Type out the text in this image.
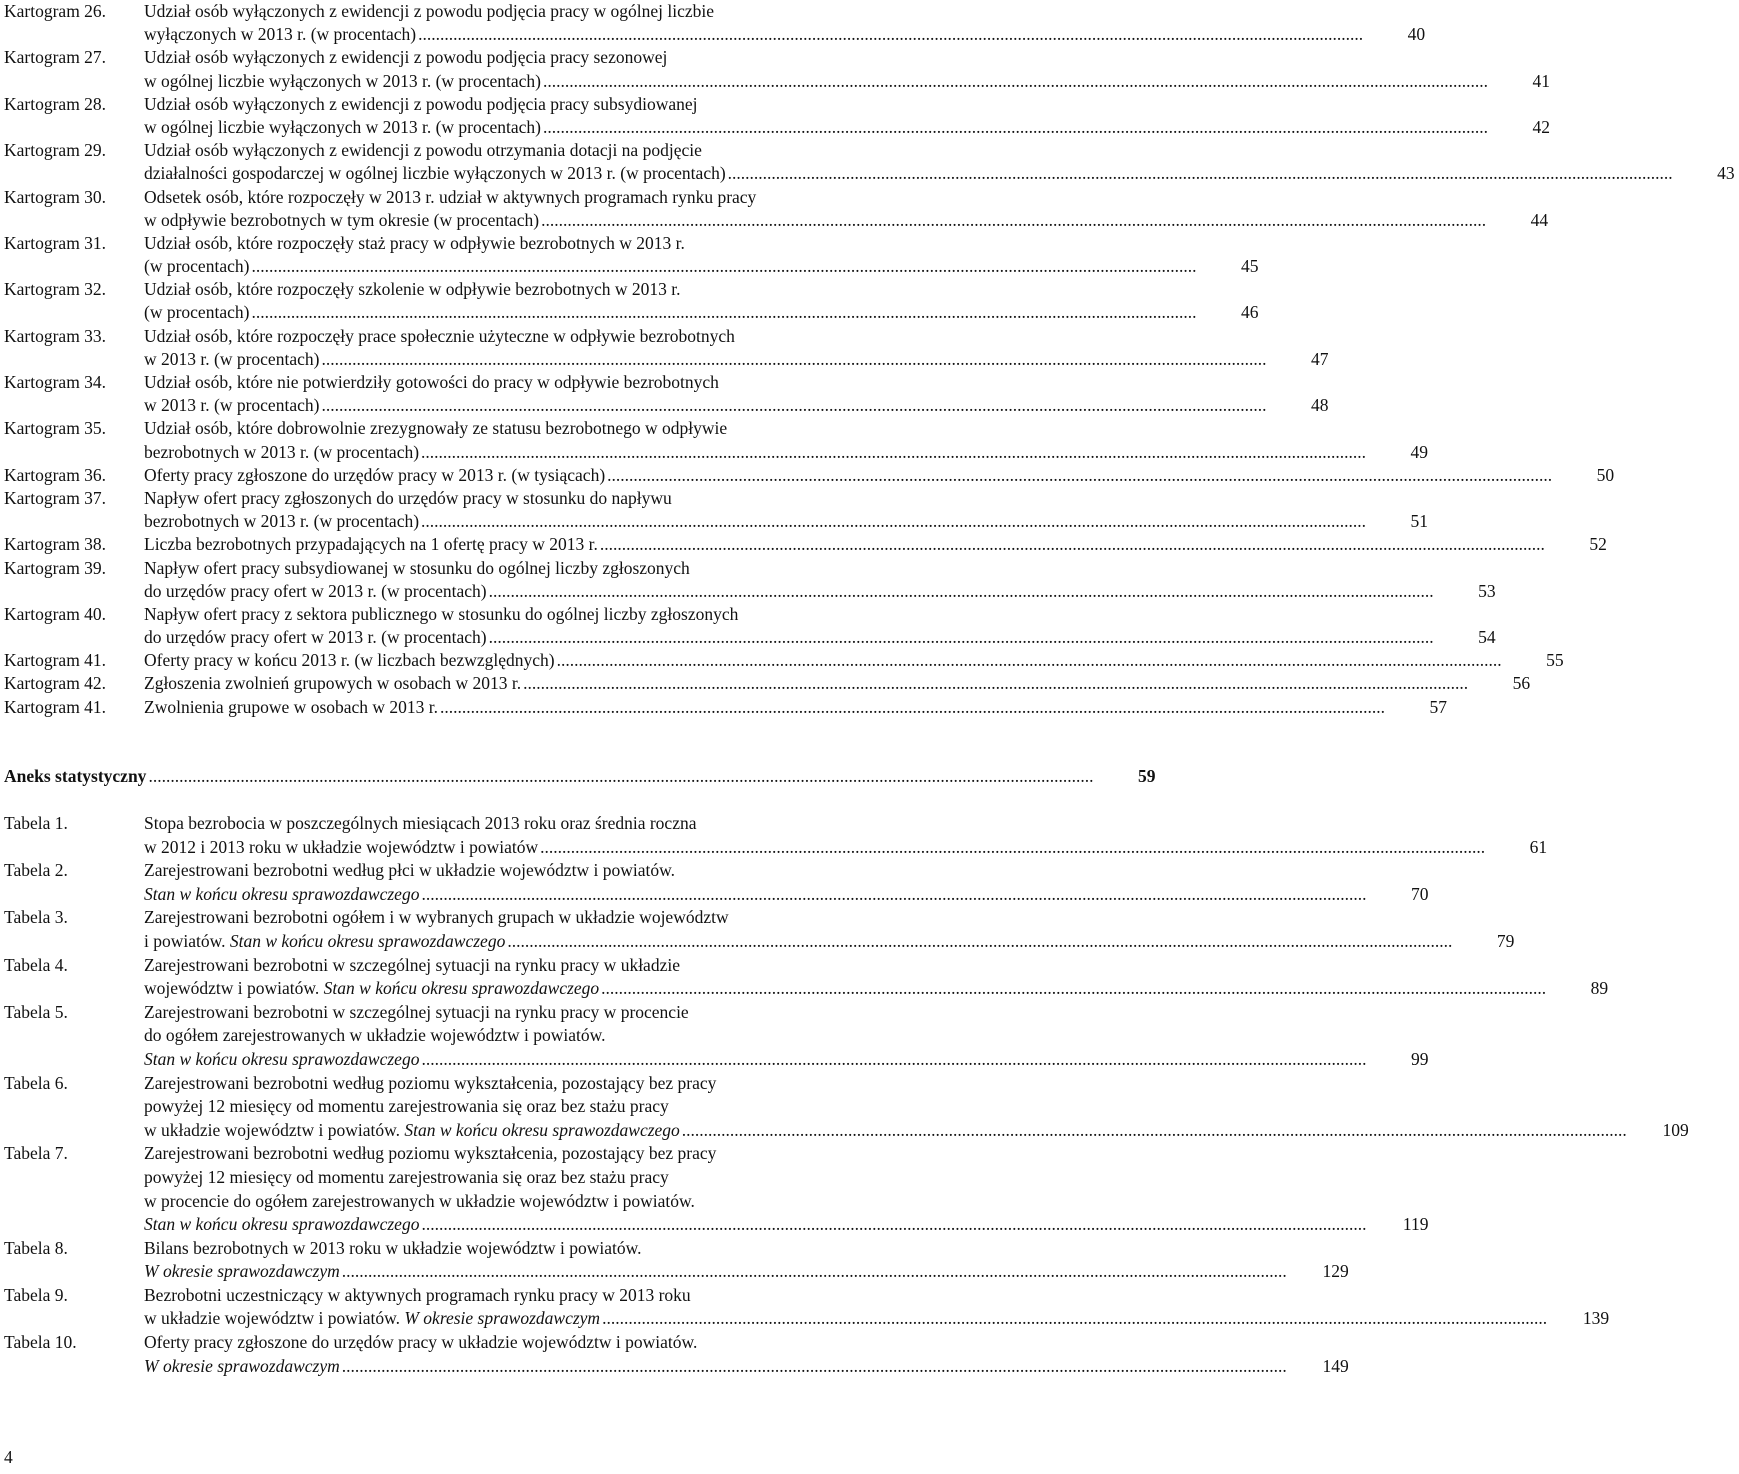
Kartogram 26.	Udział osób wyłączonych z ewidencji z powodu podjęcia pracy w ogólnej liczbie
wyłączonych w 2013 r. (w procentach) .....	40
Kartogram 27.	Udział osób wyłączonych z ewidencji z powodu podjęcia pracy sezonowej
w ogólnej liczbie wyłączonych w 2013 r. (w procentach) .....	41
Kartogram 28.	Udział osób wyłączonych z ewidencji z powodu podjęcia pracy subsydiowanej
w ogólnej liczbie wyłączonych w 2013 r. (w procentach) .....	42
Kartogram 29.	Udział osób wyłączonych z ewidencji z powodu otrzymania dotacji na podjęcie
działalności gospodarczej w ogólnej liczbie wyłączonych w 2013 r. (w procentach) .....	43
Kartogram 30.	Odsetek osób, które rozpoczęły w 2013 r. udział w aktywnych programach rynku pracy
w odpływie bezrobotnych w tym okresie (w procentach) .....	44
Kartogram 31.	Udział osób, które rozpoczęły staż pracy w odpływie bezrobotnych w 2013 r.
(w procentach) .....	45
Kartogram 32.	Udział osób, które rozpoczęły szkolenie w odpływie bezrobotnych w 2013 r.
(w procentach) .....	46
Kartogram 33.	Udział osób, które rozpoczęły prace społecznie użyteczne w odpływie bezrobotnych
w 2013 r. (w procentach) .....	47
Kartogram 34.	Udział osób, które nie potwierdziły gotowości do pracy w odpływie bezrobotnych
w 2013 r. (w procentach) .....	48
Kartogram 35.	Udział osób, które dobrowolnie zrezygnowały ze statusu bezrobotnego w odpływie
bezrobotnych w 2013 r. (w procentach) .....	49
Kartogram 36.	Oferty pracy zgłoszone do urzędów pracy w 2013 r. (w tysiącach) .....	50
Kartogram 37.	Napływ ofert pracy zgłoszonych do urzędów pracy w stosunku do napływu
bezrobotnych w 2013 r. (w procentach) .....	51
Kartogram 38.	Liczba bezrobotnych przypadających na 1 ofertę pracy w 2013 r. .....	52
Kartogram 39.	Napływ ofert pracy subsydiowanej w stosunku do ogólnej liczby zgłoszonych
do urzędów pracy ofert w 2013 r. (w procentach) .....	53
Kartogram 40.	Napływ ofert pracy z sektora publicznego w stosunku do ogólnej liczby zgłoszonych
do urzędów pracy ofert w 2013 r. (w procentach) .....	54
Kartogram 41.	Oferty pracy w końcu 2013 r. (w liczbach bezwzględnych) .....	55
Kartogram 42.	Zgłoszenia zwolnień grupowych w osobach w 2013 r. .....	56
Kartogram 41.	Zwolnienia grupowe w osobach w 2013 r. .....	57
Aneks statystyczny .....	59
Tabela 1.	Stopa bezrobocia w poszczególnych miesiącach 2013 roku oraz średnia roczna
w 2012 i 2013 roku w układzie województw i powiatów .....	61
Tabela 2.	Zarejestrowani bezrobotni według płci w układzie województw i powiatów.
Stan w końcu okresu sprawozdawczego .....	70
Tabela 3.	Zarejestrowani bezrobotni ogółem i w wybranych grupach w układzie województw
i powiatów. Stan w końcu okresu sprawozdawczego .....	79
Tabela 4.	Zarejestrowani bezrobotni w szczególnej sytuacji na rynku pracy w układzie
województw i powiatów. Stan w końcu okresu sprawozdawczego .....	89
Tabela 5.	Zarejestrowani bezrobotni w szczególnej sytuacji na rynku pracy w procencie
do ogółem zarejestrowanych w układzie województw i powiatów.
Stan w końcu okresu sprawozdawczego .....	99
Tabela 6.	Zarejestrowani bezrobotni według poziomu wykształcenia, pozostający bez pracy
powyżej 12 miesięcy od momentu zarejestrowania się oraz bez stażu pracy
w układzie województw i powiatów. Stan w końcu okresu sprawozdawczego .....	109
Tabela 7.	Zarejestrowani bezrobotni według poziomu wykształcenia, pozostający bez pracy
powyżej 12 miesięcy od momentu zarejestrowania się oraz bez stażu pracy
w procencie do ogółem zarejestrowanych w układzie województw i powiatów.
Stan w końcu okresu sprawozdawczego .....	119
Tabela 8.	Bilans bezrobotnych w 2013 roku w układzie województw i powiatów.
W okresie sprawozdawczym .....	129
Tabela 9.	Bezrobotni uczestniczący w aktywnych programach rynku pracy w 2013 roku
w układzie województw i powiatów. W okresie sprawozdawczym .....	139
Tabela 10.	Oferty pracy zgłoszone do urzędów pracy w układzie województw i powiatów.
W okresie sprawozdawczym .....	149
4
